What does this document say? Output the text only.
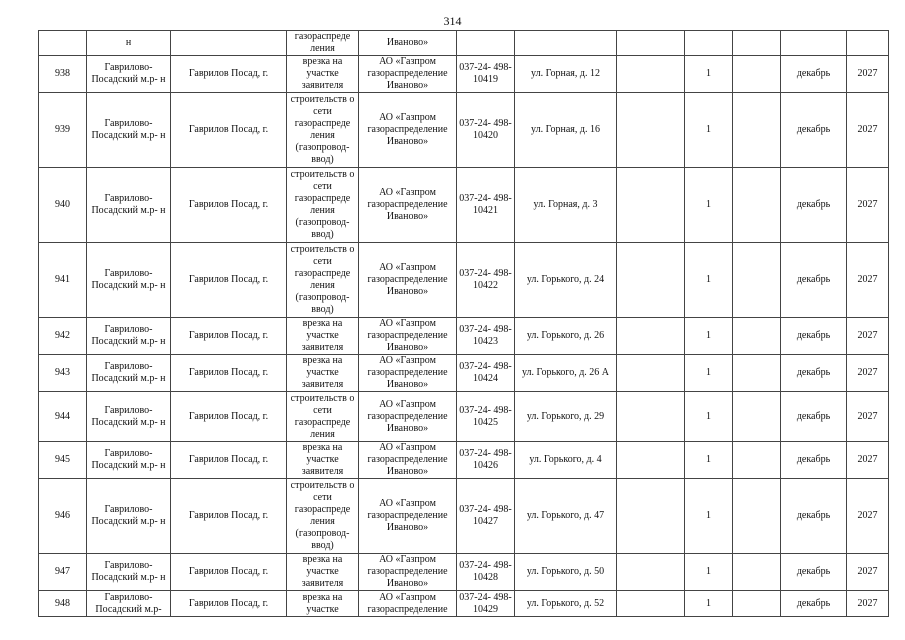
314
	н		газораспреде ления	Иваново»							
938	Гаврилово- Посадский м.р- н	Гаврилов Посад, г.	врезка на участке заявителя	АО «Газпром газораспределение Иваново»	037-24- 498-10419	ул. Горная, д. 12		1		декабрь	2027
939	Гаврилово- Посадский м.р- н	Гаврилов Посад, г.	строительств о сети газораспреде ления (газопровод- ввод)	АО «Газпром газораспределение Иваново»	037-24- 498-10420	ул. Горная, д. 16		1		декабрь	2027
940	Гаврилово- Посадский м.р- н	Гаврилов Посад, г.	строительств о сети газораспреде ления (газопровод- ввод)	АО «Газпром газораспределение Иваново»	037-24- 498-10421	ул. Горная, д. 3		1		декабрь	2027
941	Гаврилово- Посадский м.р- н	Гаврилов Посад, г.	строительств о сети газораспреде ления (газопровод- ввод)	АО «Газпром газораспределение Иваново»	037-24- 498-10422	ул. Горького, д. 24		1		декабрь	2027
942	Гаврилово- Посадский м.р- н	Гаврилов Посад, г.	врезка на участке заявителя	АО «Газпром газораспределение Иваново»	037-24- 498-10423	ул. Горького, д. 26		1		декабрь	2027
943	Гаврилово- Посадский м.р- н	Гаврилов Посад, г.	врезка на участке заявителя	АО «Газпром газораспределение Иваново»	037-24- 498-10424	ул. Горького, д. 26 А		1		декабрь	2027
944	Гаврилово- Посадский м.р- н	Гаврилов Посад, г.	строительств о сети газораспреде ления	АО «Газпром газораспределение Иваново»	037-24- 498-10425	ул. Горького, д. 29		1		декабрь	2027
945	Гаврилово- Посадский м.р- н	Гаврилов Посад, г.	врезка на участке заявителя	АО «Газпром газораспределение Иваново»	037-24- 498-10426	ул. Горького, д. 4		1		декабрь	2027
946	Гаврилово- Посадский м.р- н	Гаврилов Посад, г.	строительств о сети газораспреде ления (газопровод- ввод)	АО «Газпром газораспределение Иваново»	037-24- 498-10427	ул. Горького, д. 47		1		декабрь	2027
947	Гаврилово- Посадский м.р- н	Гаврилов Посад, г.	врезка на участке заявителя	АО «Газпром газораспределение Иваново»	037-24- 498-10428	ул. Горького, д. 50		1		декабрь	2027
948	Гаврилово- Посадский м.р-	Гаврилов Посад, г.	врезка на участке	АО «Газпром газораспределение	037-24- 498-10429	ул. Горького, д. 52		1		декабрь	2027
